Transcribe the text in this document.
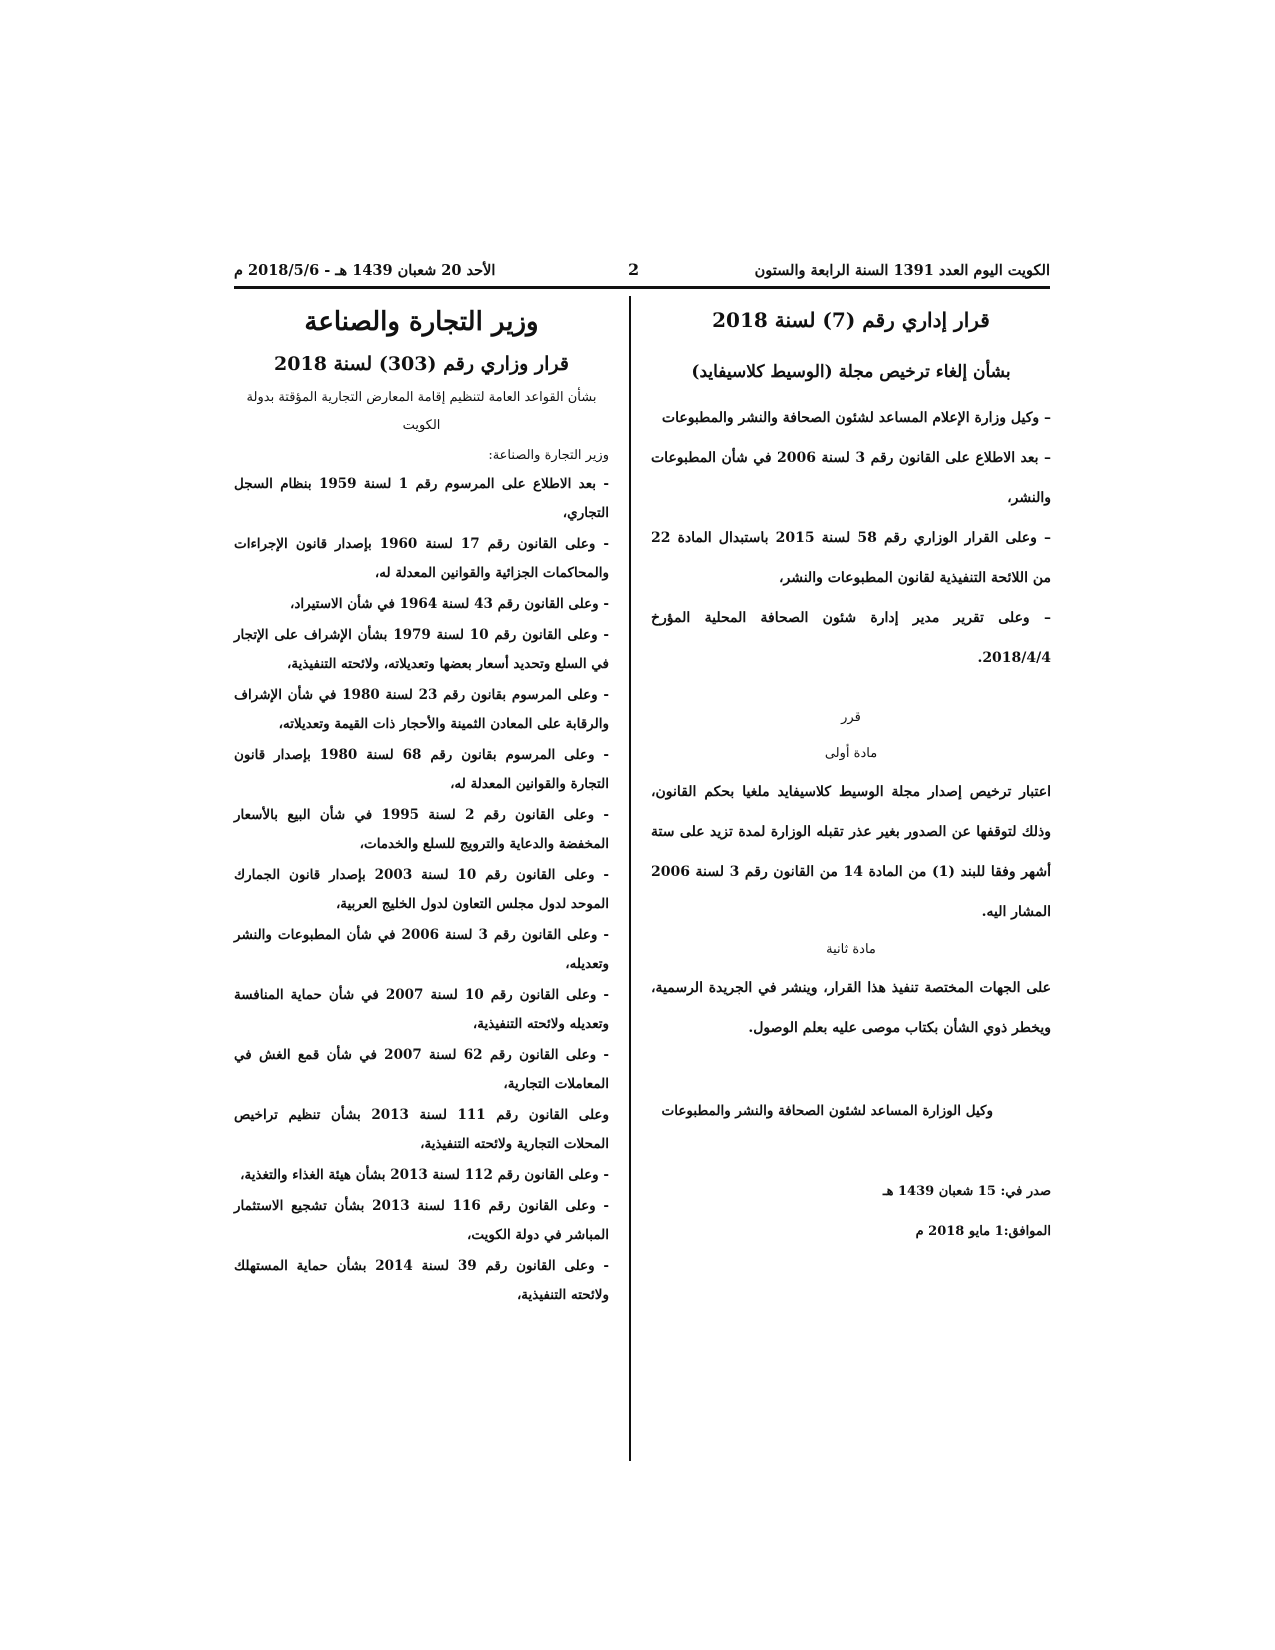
الكويت اليوم العدد 1391 السنة الرابعة والستون
2
الأحد 20 شعبان 1439 هـ - 2018/5/6 م
قرار إداري رقم (7) لسنة 2018
بشأن إلغاء ترخيص مجلة (الوسيط كلاسيفايد)

– وكيل وزارة الإعلام المساعد لشئون الصحافة والنشر والمطبوعات

– بعد الاطلاع على القانون رقم 3 لسنة 2006 في شأن المطبوعات والنشر،

– وعلى القرار الوزاري رقم 58 لسنة 2015 باستبدال المادة 22 من اللائحة التنفيذية لقانون المطبوعات والنشر،

– وعلى تقرير مدير إدارة شئون الصحافة المحلية المؤرخ 2018/4/4.

قرر

مادة أولى

اعتبار ترخيص إصدار مجلة الوسيط كلاسيفايد ملغيا بحكم القانون، وذلك لتوقفها عن الصدور بغير عذر تقبله الوزارة لمدة تزيد على ستة أشهر وفقا للبند (1) من المادة 14 من القانون رقم 3 لسنة 2006 المشار اليه.

مادة ثانية

على الجهات المختصة تنفيذ هذا القرار، وينشر في الجريدة الرسمية، ويخطر ذوي الشأن بكتاب موصى عليه بعلم الوصول.

وكيل الوزارة المساعد لشئون الصحافة والنشر والمطبوعات

صدر في: 15 شعبان 1439 هـ

الموافق:1 مايو 2018 م

وزير التجارة والصناعة
قرار وزاري رقم (303) لسنة 2018

بشأن القواعد العامة لتنظيم إقامة المعارض التجارية المؤقتة بدولة الكويت

وزير التجارة والصناعة:

- بعد الاطلاع على المرسوم رقم 1 لسنة 1959 بنظام السجل التجاري،

- وعلى القانون رقم 17 لسنة 1960 بإصدار قانون الإجراءات والمحاكمات الجزائية والقوانين المعدلة له،

- وعلى القانون رقم 43 لسنة 1964 في شأن الاستيراد،

- وعلى القانون رقم 10 لسنة 1979 بشأن الإشراف على الإتجار في السلع وتحديد أسعار بعضها وتعديلاته، ولائحته التنفيذية،

- وعلى المرسوم بقانون رقم 23 لسنة 1980 في شأن الإشراف والرقابة على المعادن الثمينة والأحجار ذات القيمة وتعديلاته،

- وعلى المرسوم بقانون رقم 68 لسنة 1980 بإصدار قانون التجارة والقوانين المعدلة له،

- وعلى القانون رقم 2 لسنة 1995 في شأن البيع بالأسعار المخفضة والدعاية والترويج للسلع والخدمات،

- وعلى القانون رقم 10 لسنة 2003 بإصدار قانون الجمارك الموحد لدول مجلس التعاون لدول الخليج العربية،

- وعلى القانون رقم 3 لسنة 2006 في شأن المطبوعات والنشر وتعديله،

- وعلى القانون رقم 10 لسنة 2007 في شأن حماية المنافسة وتعديله ولائحته التنفيذية،

- وعلى القانون رقم 62 لسنة 2007 في شأن قمع الغش في المعاملات التجارية،

وعلى القانون رقم 111 لسنة 2013 بشأن تنظيم تراخيص المحلات التجارية ولائحته التنفيذية،

- وعلى القانون رقم 112 لسنة 2013 بشأن هيئة الغذاء والتغذية،

- وعلى القانون رقم 116 لسنة 2013 بشأن تشجيع الاستثمار المباشر في دولة الكويت،

- وعلى القانون رقم 39 لسنة 2014 بشأن حماية المستهلك ولائحته التنفيذية،
